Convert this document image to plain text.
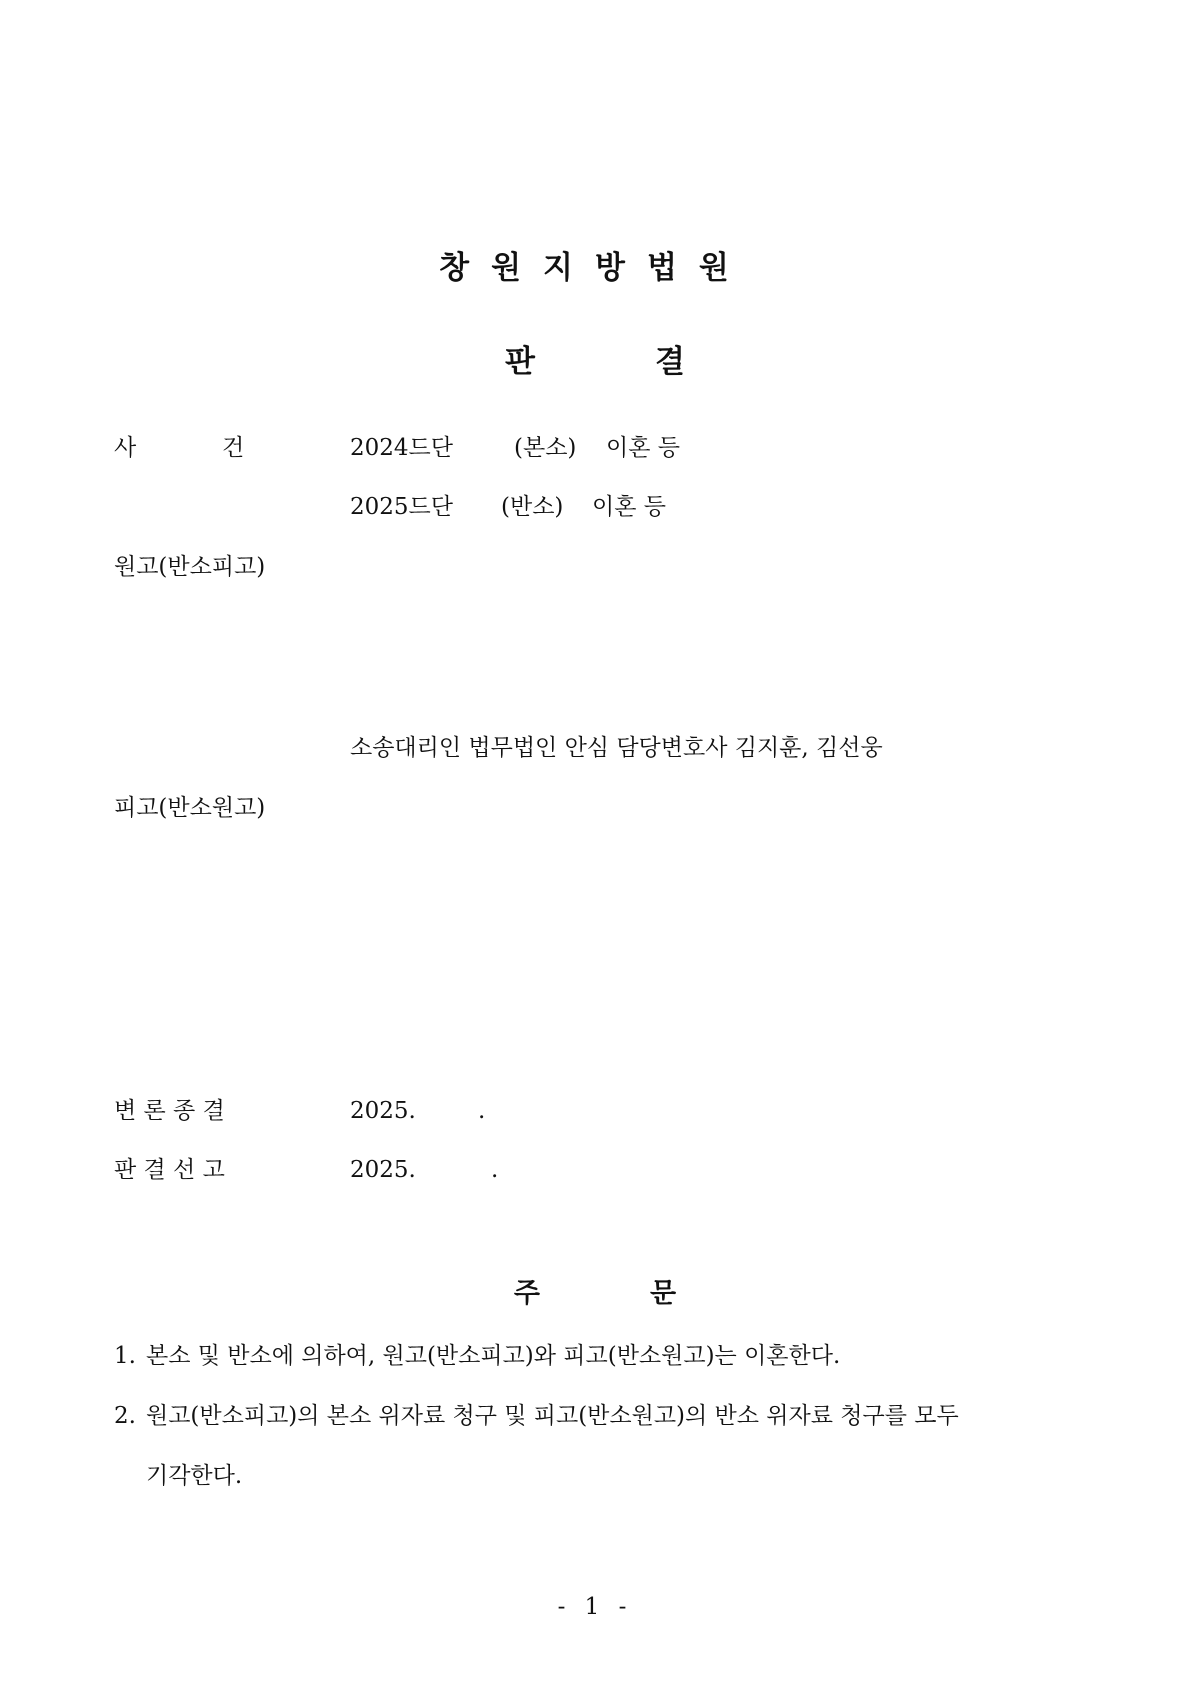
창원지방법원
판	결
사	건	2024드단	(본소) 이혼 등
2025드단 (반소) 이혼 등
원고(반소피고)
소송대리인 법무법인 안심 담당변호사 김지훈, 김선웅
피고(반소원고)
변 론 종 결	2025.	.
판 결 선 고	2025.	.
주	문
1. 본소 및 반소에 의하여, 원고(반소피고)와 피고(반소원고)는 이혼한다.
2. 원고(반소피고)의 본소 위자료 청구 및 피고(반소원고)의 반소 위자료 청구를 모두
기각한다.
- 1 -
